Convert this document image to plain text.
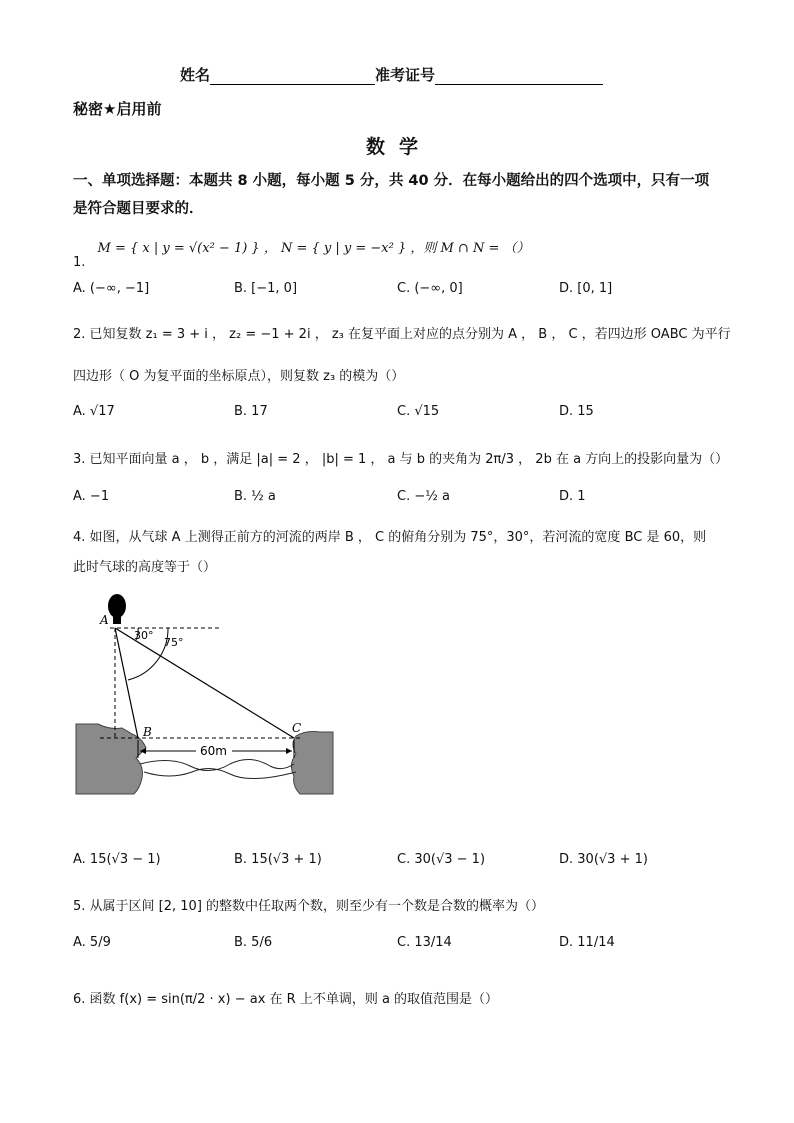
姓名	准考证号
秘密★启用前
数学
一、单项选择题：本题共 8 小题，每小题 5 分，共 40 分．在每小题给出的四个选项中，只有一项是符合题目要求的．
1. M = { x | y = √(x² − 1) } ， N = { y | y = −x² } ，则 M ∩ N = （）
A. (−∞, −1]	B. [−1, 0]	C. (−∞, 0]	D. [0, 1]
2. 已知复数 z₁ = 3 + i ， z₂ = −1 + 2i ， z₃ 在复平面上对应的点分别为 A ， B ， C ，若四边形 OABC 为平行
四边形（ O 为复平面的坐标原点），则复数 z₃ 的模为（）
A. √17	B. 17	C. √15	D. 15
3. 已知平面向量 a ， b ，满足 |a| = 2 ， |b| = 1 ， a 与 b 的夹角为 2π/3 ， 2b 在 a 方向上的投影向量为（）
A. −1	B. ½ a	C. −½ a	D. 1
4. 如图，从气球 A 上测得正前方的河流的两岸 B ， C 的俯角分别为 75°，30°，若河流的宽度 BC 是 60，则
此时气球的高度等于（）
A
B	C
30°
75°
60m
A. 15(√3 − 1)	B. 15(√3 + 1)	C. 30(√3 − 1)	D. 30(√3 + 1)
5. 从属于区间 [2, 10] 的整数中任取两个数，则至少有一个数是合数的概率为（）
A. 5/9	B. 5/6	C. 13/14	D. 11/14
6. 函数 f(x) = sin(π/2 · x) − ax 在 R 上不单调，则 a 的取值范围是（）
